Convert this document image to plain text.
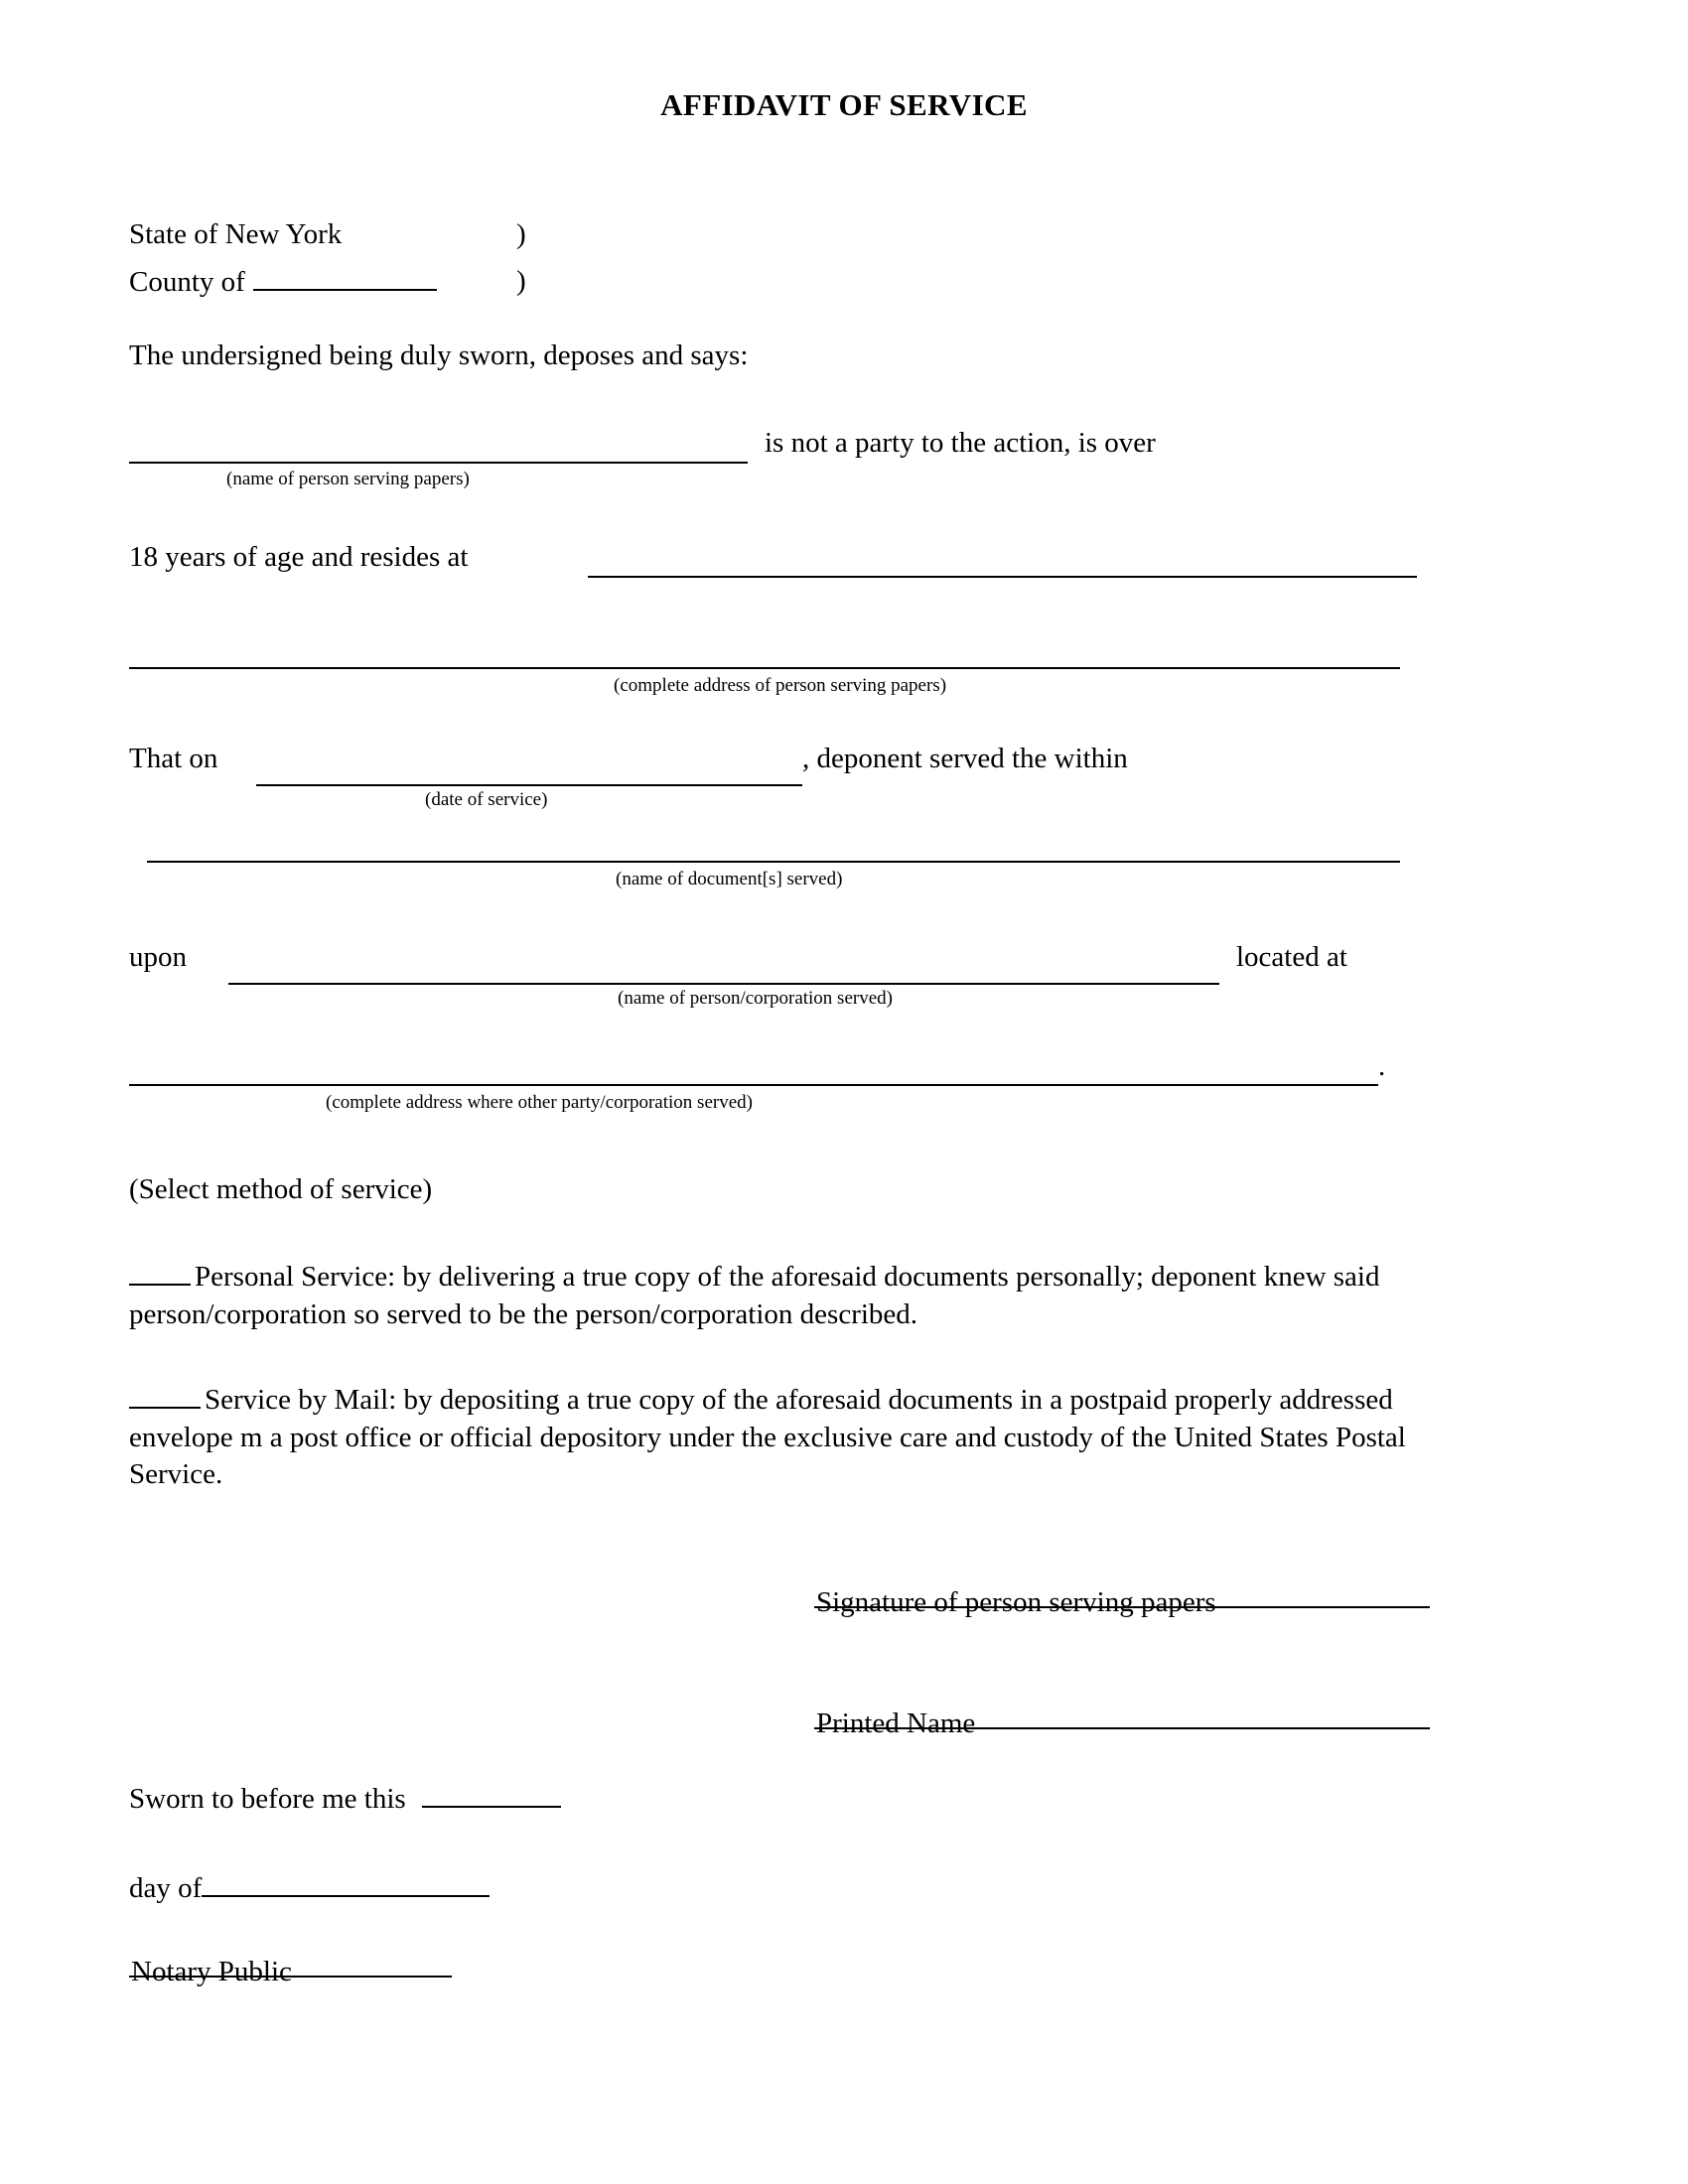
AFFIDAVIT OF SERVICE
State of New York	)
County of	)
The undersigned being duly sworn, deposes and says:
is not a party to the action, is over
(name of person serving papers)
18 years of age and resides at
(complete address of person serving papers)
That on	, deponent served the within
(date of service)
(name of document[s] served)
upon	located at
(name of person/corporation served)
.
(complete address where other party/corporation served)
(Select method of service)
Personal Service: by delivering a true copy of the aforesaid documents personally; deponent knew said person/corporation so served to be the person/corporation described.
Service by Mail: by depositing a true copy of the aforesaid documents in a postpaid properly addressed envelope m a post office or official depository under the exclusive care and custody of the United States Postal Service.
Signature of person serving papers
Printed Name
Sworn to before me this
day of
Notary Public
